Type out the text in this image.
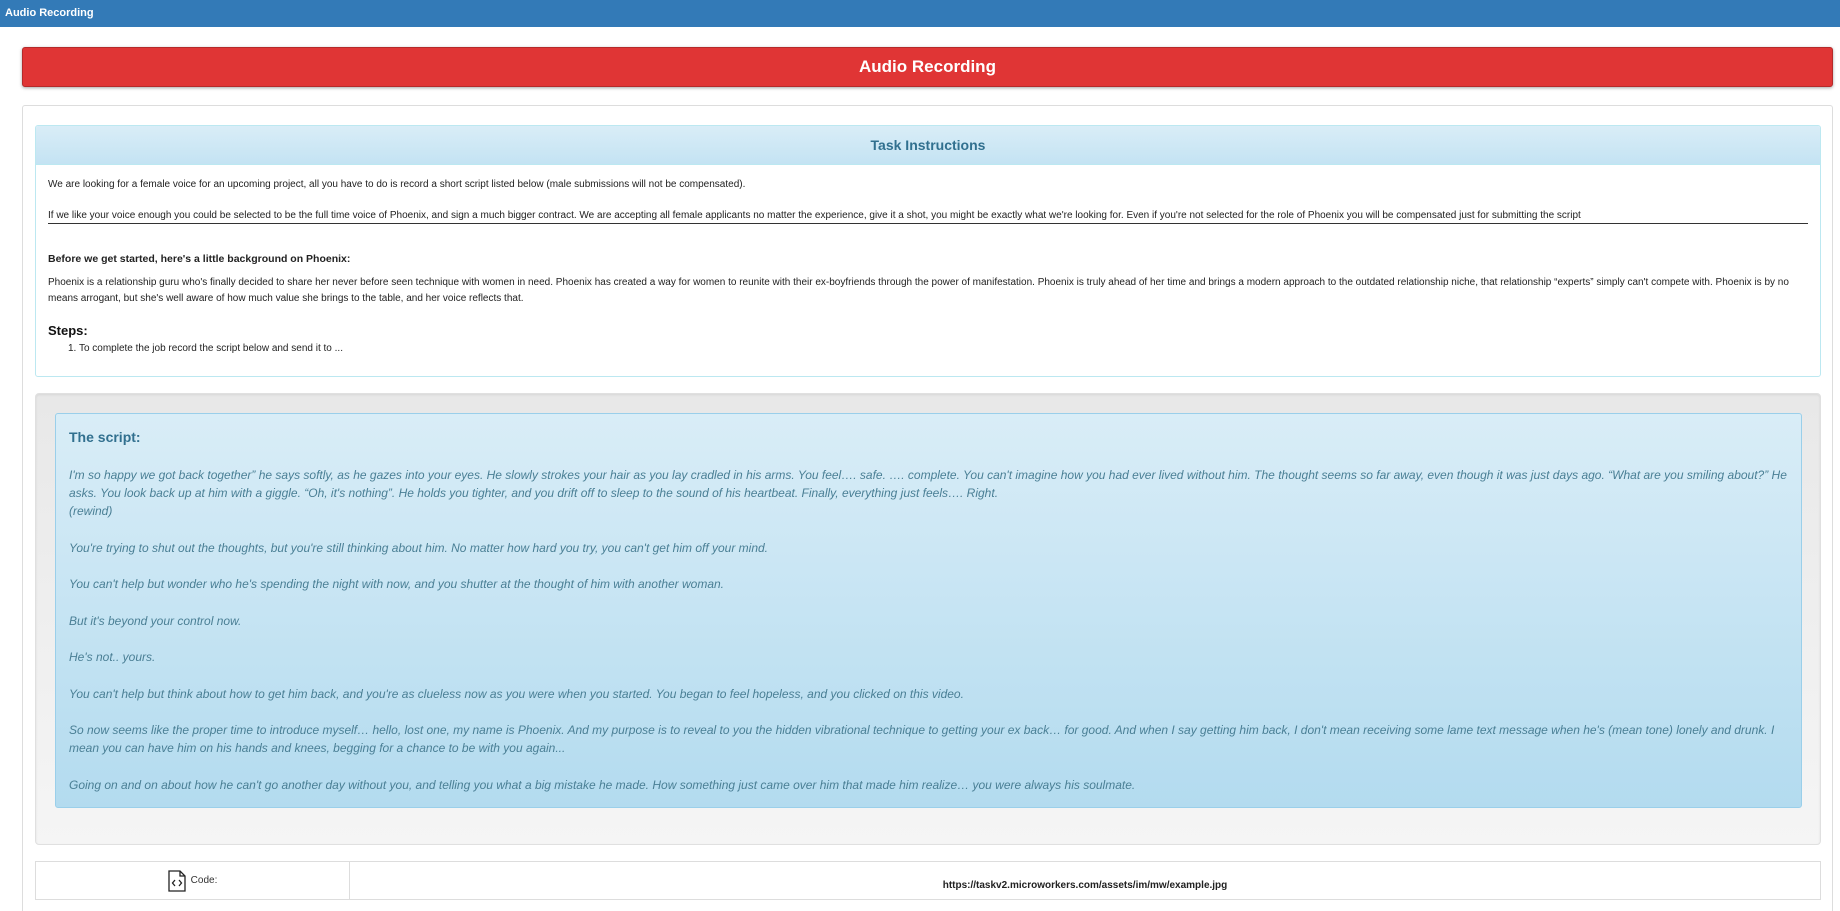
Audio Recording
Audio Recording
Task Instructions
We are looking for a female voice for an upcoming project, all you have to do is record a short script listed below (male submissions will not be compensated).
If we like your voice enough you could be selected to be the full time voice of Phoenix, and sign a much bigger contract. We are accepting all female applicants no matter the experience, give it a shot, you might be exactly what we're looking for. Even if you're not selected for the role of Phoenix you will be compensated just for submitting the script
Before we get started, here's a little background on Phoenix:
Phoenix is a relationship guru who's finally decided to share her never before seen technique with women in need. Phoenix has created a way for women to reunite with their ex-boyfriends through the power of manifestation. Phoenix is truly ahead of her time and brings a modern approach to the outdated relationship niche, that relationship “experts” simply can't compete with. Phoenix is by no means arrogant, but she's well aware of how much value she brings to the table, and her voice reflects that.
Steps:
1. To complete the job record the script below and send it to ...
The script:

I'm so happy we got back together” he says softly, as he gazes into your eyes. He slowly strokes your hair as you lay cradled in his arms. You feel…. safe. …. complete. You can't imagine how you had ever lived without him. The thought seems so far away, even though it was just days ago. “What are you smiling about?” He asks. You look back up at him with a giggle. “Oh, it's nothing”. He holds you tighter, and you drift off to sleep to the sound of his heartbeat. Finally, everything just feels…. Right.
(rewind)

You're trying to shut out the thoughts, but you're still thinking about him. No matter how hard you try, you can't get him off your mind.

You can't help but wonder who he's spending the night with now, and you shutter at the thought of him with another woman.

But it's beyond your control now.

He's not.. yours.

You can't help but think about how to get him back, and you're as clueless now as you were when you started. You began to feel hopeless, and you clicked on this video.

So now seems like the proper time to introduce myself… hello, lost one, my name is Phoenix. And my purpose is to reveal to you the hidden vibrational technique to getting your ex back… for good. And when I say getting him back, I don't mean receiving some lame text message when he's (mean tone) lonely and drunk. I mean you can have him on his hands and knees, begging for a chance to be with you again...

Going on and on about how he can't go another day without you, and telling you what a big mistake he made. How something just came over him that made him realize… you were always his soulmate.

Code:	https://taskv2.microworkers.com/assets/im/mw/example.jpg
